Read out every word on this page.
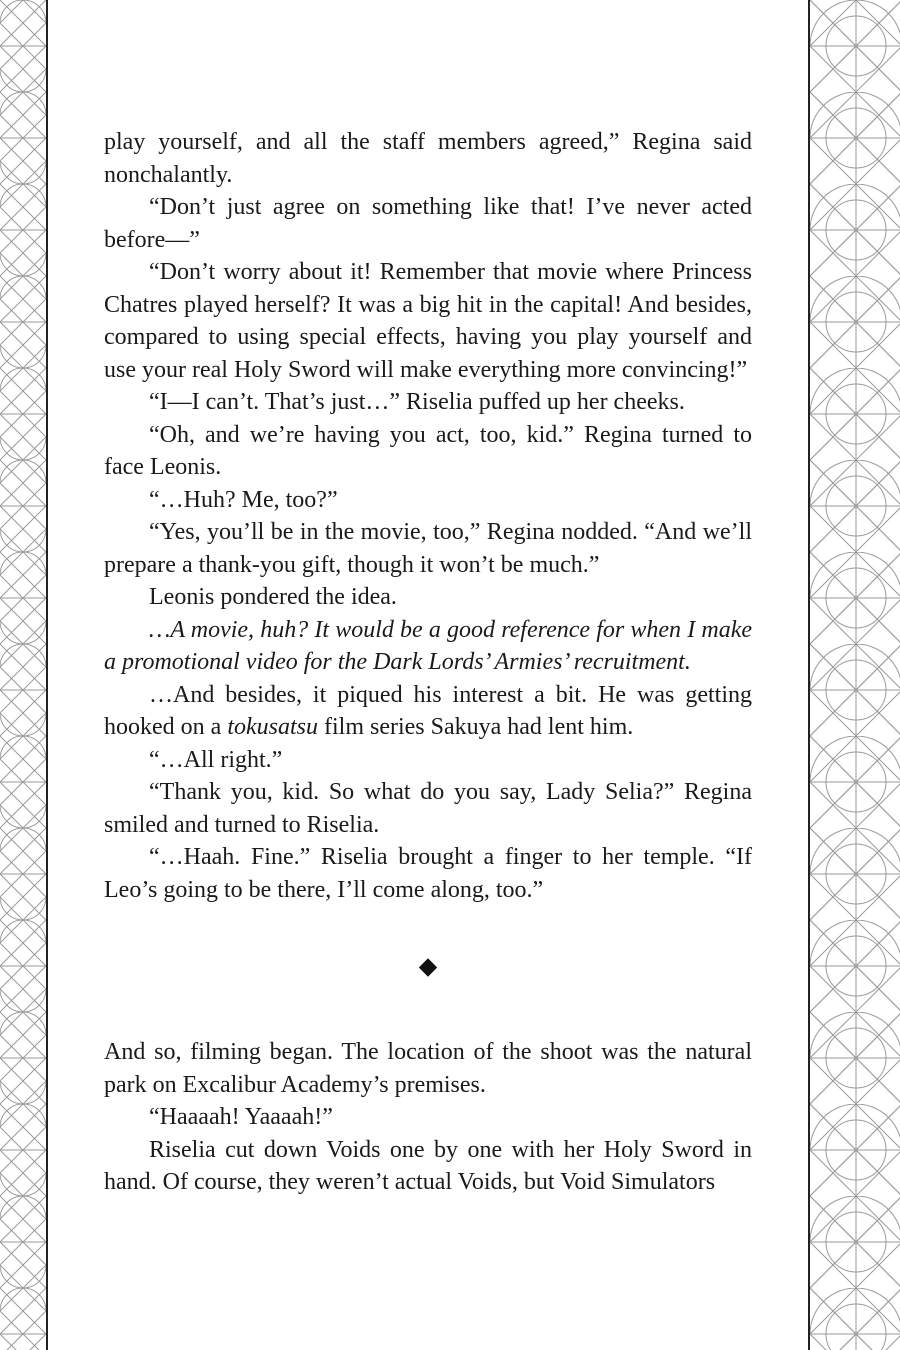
play yourself, and all the staff members agreed,” Regina said nonchalantly.

“Don’t just agree on something like that! I’ve never acted before—”

“Don’t worry about it! Remember that movie where Princess Chatres played herself? It was a big hit in the capital! And besides, compared to using special effects, having you play yourself and use your real Holy Sword will make everything more convincing!”

“I—I can’t. That’s just…” Riselia puffed up her cheeks.

“Oh, and we’re having you act, too, kid.” Regina turned to face Leonis.

“…Huh? Me, too?”

“Yes, you’ll be in the movie, too,” Regina nodded. “And we’ll prepare a thank-you gift, though it won’t be much.”

Leonis pondered the idea.

…A movie, huh? It would be a good reference for when I make a promotional video for the Dark Lords’ Armies’ recruitment.

…And besides, it piqued his interest a bit. He was getting hooked on a tokusatsu film series Sakuya had lent him.

“…All right.”

“Thank you, kid. So what do you say, Lady Selia?” Regina smiled and turned to Riselia.

“…Haah. Fine.” Riselia brought a finger to her temple. “If Leo’s going to be there, I’ll come along, too.”

And so, filming began. The location of the shoot was the natural park on Excalibur Academy’s premises.

“Haaaah! Yaaaah!”

Riselia cut down Voids one by one with her Holy Sword in hand. Of course, they weren’t actual Voids, but Void Simulators
